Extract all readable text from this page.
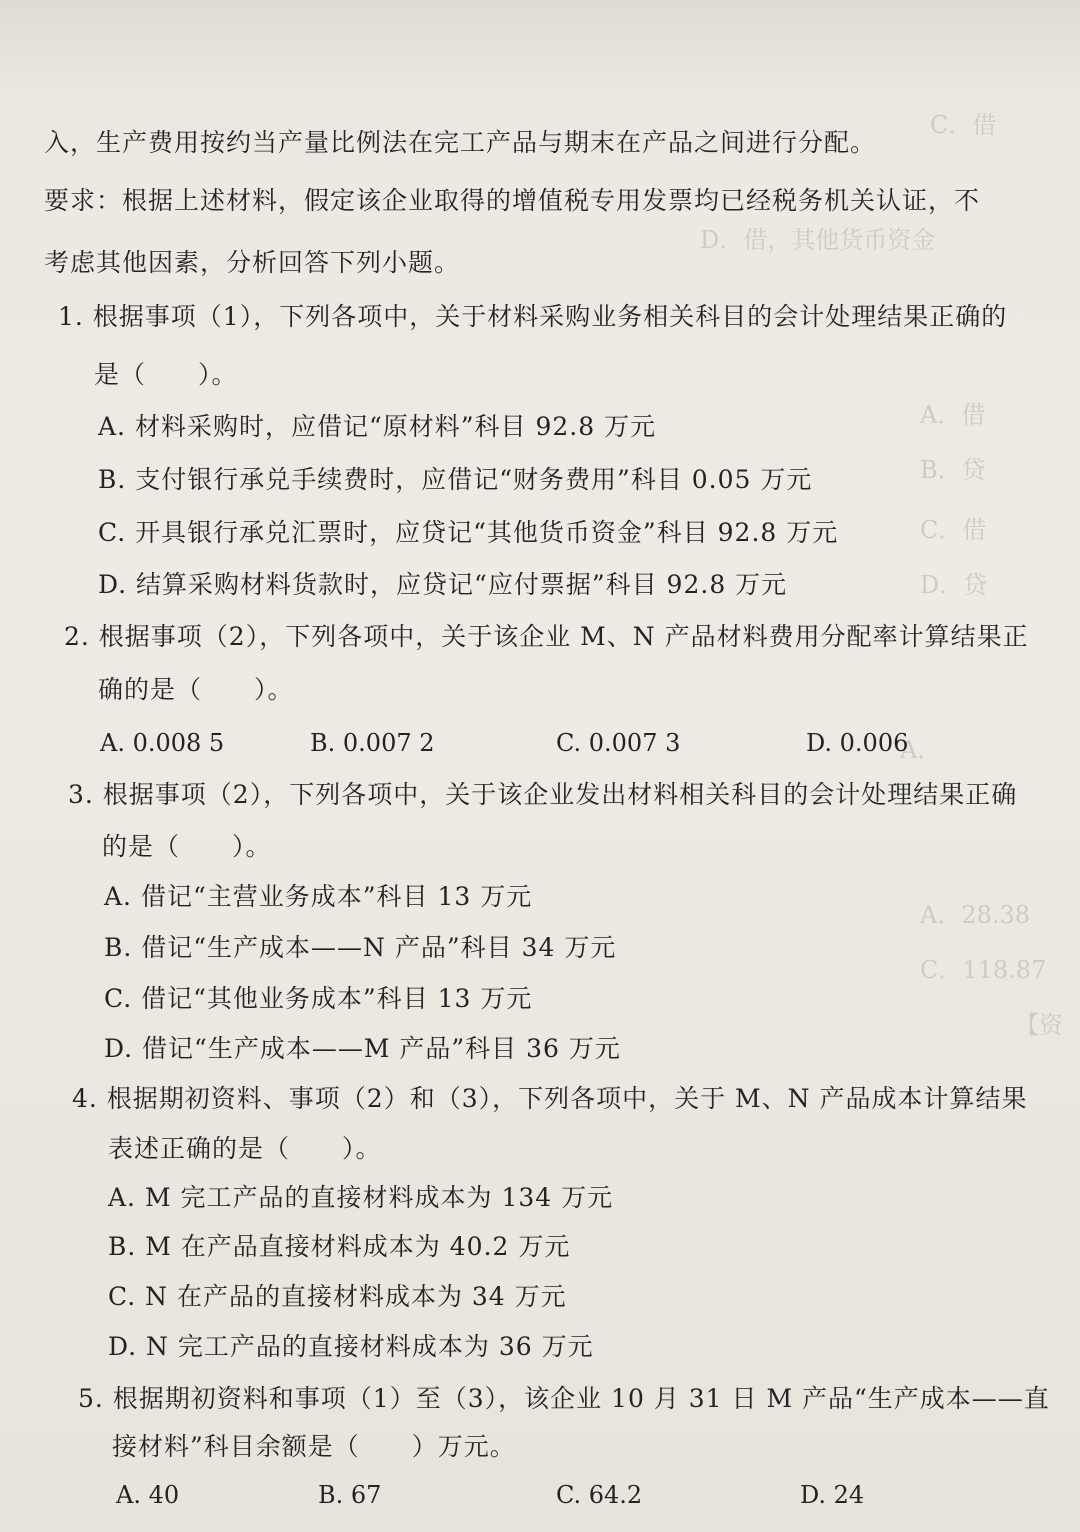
C．借
D．借，其他货币资金
A．借
B．贷
C．借
D．贷
A．
A．28.38
C．118.87
【资
入，生产费用按约当产量比例法在完工产品与期末在产品之间进行分配。
要求：根据上述材料，假定该企业取得的增值税专用发票均已经税务机关认证，不
考虑其他因素，分析回答下列小题。
1. 根据事项（1），下列各项中，关于材料采购业务相关科目的会计处理结果正确的
是（　　）。
A. 材料采购时，应借记“原材料”科目 92.8 万元
B. 支付银行承兑手续费时，应借记“财务费用”科目 0.05 万元
C. 开具银行承兑汇票时，应贷记“其他货币资金”科目 92.8 万元
D. 结算采购材料货款时，应贷记“应付票据”科目 92.8 万元
2. 根据事项（2），下列各项中，关于该企业 M、N 产品材料费用分配率计算结果正
确的是（　　）。
A. 0.008 5	B. 0.007 2	C. 0.007 3	D. 0.006
3. 根据事项（2），下列各项中，关于该企业发出材料相关科目的会计处理结果正确
的是（　　）。
A. 借记“主营业务成本”科目 13 万元
B. 借记“生产成本——N 产品”科目 34 万元
C. 借记“其他业务成本”科目 13 万元
D. 借记“生产成本——M 产品”科目 36 万元
4. 根据期初资料、事项（2）和（3），下列各项中，关于 M、N 产品成本计算结果
表述正确的是（　　）。
A. M 完工产品的直接材料成本为 134 万元
B. M 在产品直接材料成本为 40.2 万元
C. N 在产品的直接材料成本为 34 万元
D. N 完工产品的直接材料成本为 36 万元
5. 根据期初资料和事项（1）至（3），该企业 10 月 31 日 M 产品“生产成本——直
接材料”科目余额是（　　）万元。
A. 40	B. 67	C. 64.2	D. 24
